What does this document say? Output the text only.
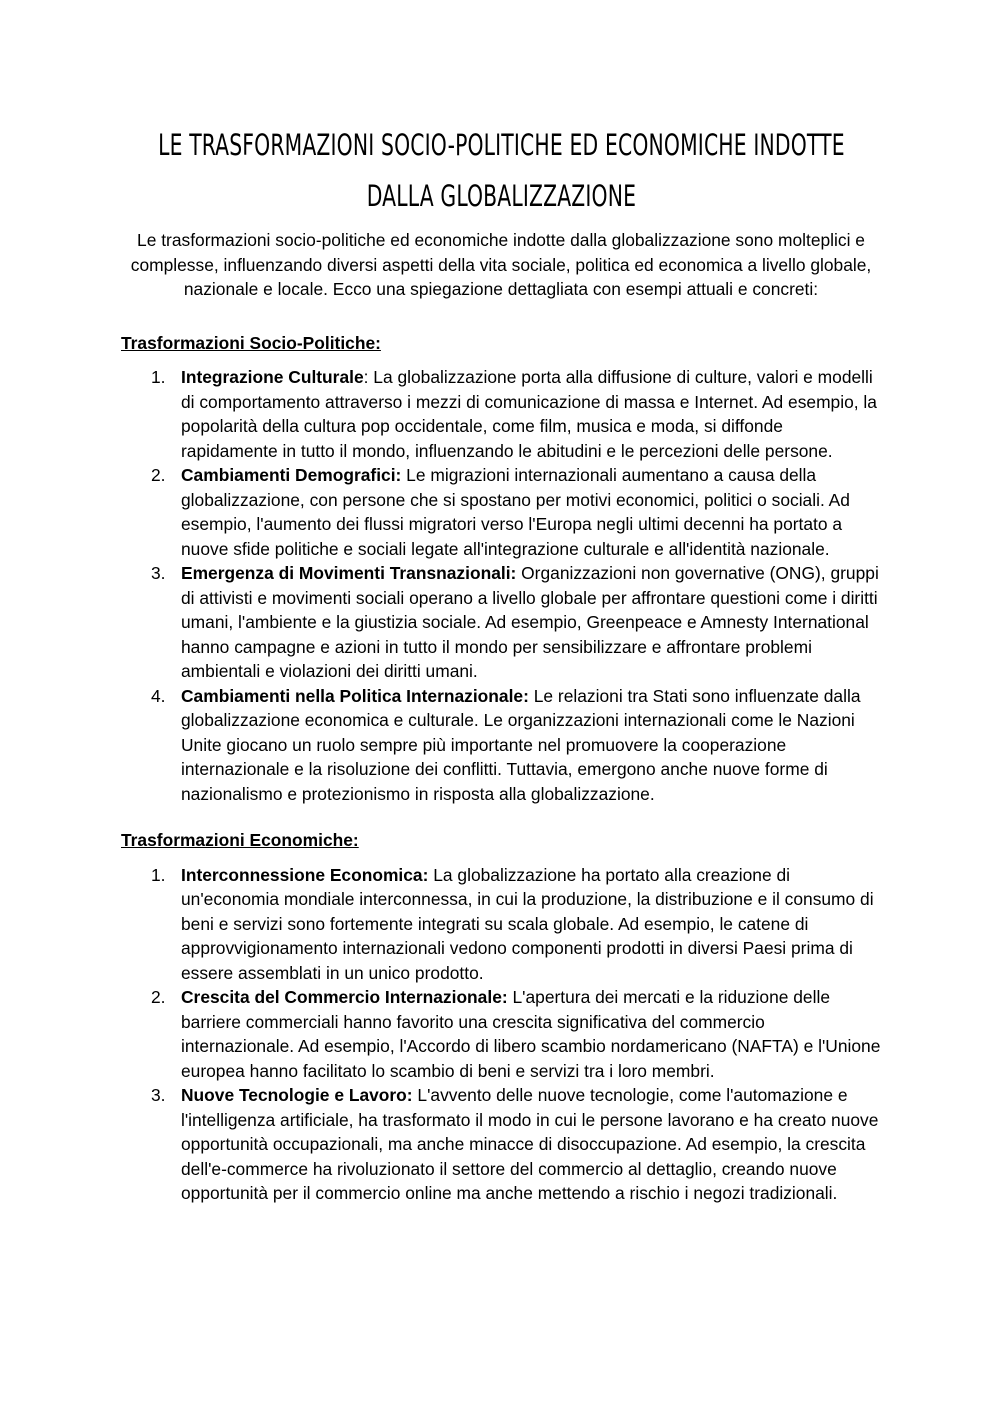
LE TRASFORMAZIONI SOCIO-POLITICHE ED ECONOMICHE INDOTTE DALLA GLOBALIZZAZIONE

Le trasformazioni socio-politiche ed economiche indotte dalla globalizzazione sono molteplici e complesse, influenzando diversi aspetti della vita sociale, politica ed economica a livello globale, nazionale e locale. Ecco una spiegazione dettagliata con esempi attuali e concreti:

Trasformazioni Socio-Politiche:
1. Integrazione Culturale: La globalizzazione porta alla diffusione di culture, valori e modelli di comportamento attraverso i mezzi di comunicazione di massa e Internet. Ad esempio, la popolarità della cultura pop occidentale, come film, musica e moda, si diffonde rapidamente in tutto il mondo, influenzando le abitudini e le percezioni delle persone.
2. Cambiamenti Demografici: Le migrazioni internazionali aumentano a causa della globalizzazione, con persone che si spostano per motivi economici, politici o sociali. Ad esempio, l'aumento dei flussi migratori verso l'Europa negli ultimi decenni ha portato a nuove sfide politiche e sociali legate all'integrazione culturale e all'identità nazionale.
3. Emergenza di Movimenti Transnazionali: Organizzazioni non governative (ONG), gruppi di attivisti e movimenti sociali operano a livello globale per affrontare questioni come i diritti umani, l'ambiente e la giustizia sociale. Ad esempio, Greenpeace e Amnesty International hanno campagne e azioni in tutto il mondo per sensibilizzare e affrontare problemi ambientali e violazioni dei diritti umani.
4. Cambiamenti nella Politica Internazionale: Le relazioni tra Stati sono influenzate dalla globalizzazione economica e culturale. Le organizzazioni internazionali come le Nazioni Unite giocano un ruolo sempre più importante nel promuovere la cooperazione internazionale e la risoluzione dei conflitti. Tuttavia, emergono anche nuove forme di nazionalismo e protezionismo in risposta alla globalizzazione.
Trasformazioni Economiche:
1. Interconnessione Economica: La globalizzazione ha portato alla creazione di un'economia mondiale interconnessa, in cui la produzione, la distribuzione e il consumo di beni e servizi sono fortemente integrati su scala globale. Ad esempio, le catene di approvvigionamento internazionali vedono componenti prodotti in diversi Paesi prima di essere assemblati in un unico prodotto.
2. Crescita del Commercio Internazionale: L'apertura dei mercati e la riduzione delle barriere commerciali hanno favorito una crescita significativa del commercio internazionale. Ad esempio, l'Accordo di libero scambio nordamericano (NAFTA) e l'Unione europea hanno facilitato lo scambio di beni e servizi tra i loro membri.
3. Nuove Tecnologie e Lavoro: L'avvento delle nuove tecnologie, come l'automazione e l'intelligenza artificiale, ha trasformato il modo in cui le persone lavorano e ha creato nuove opportunità occupazionali, ma anche minacce di disoccupazione. Ad esempio, la crescita dell'e-commerce ha rivoluzionato il settore del commercio al dettaglio, creando nuove opportunità per il commercio online ma anche mettendo a rischio i negozi tradizionali.
